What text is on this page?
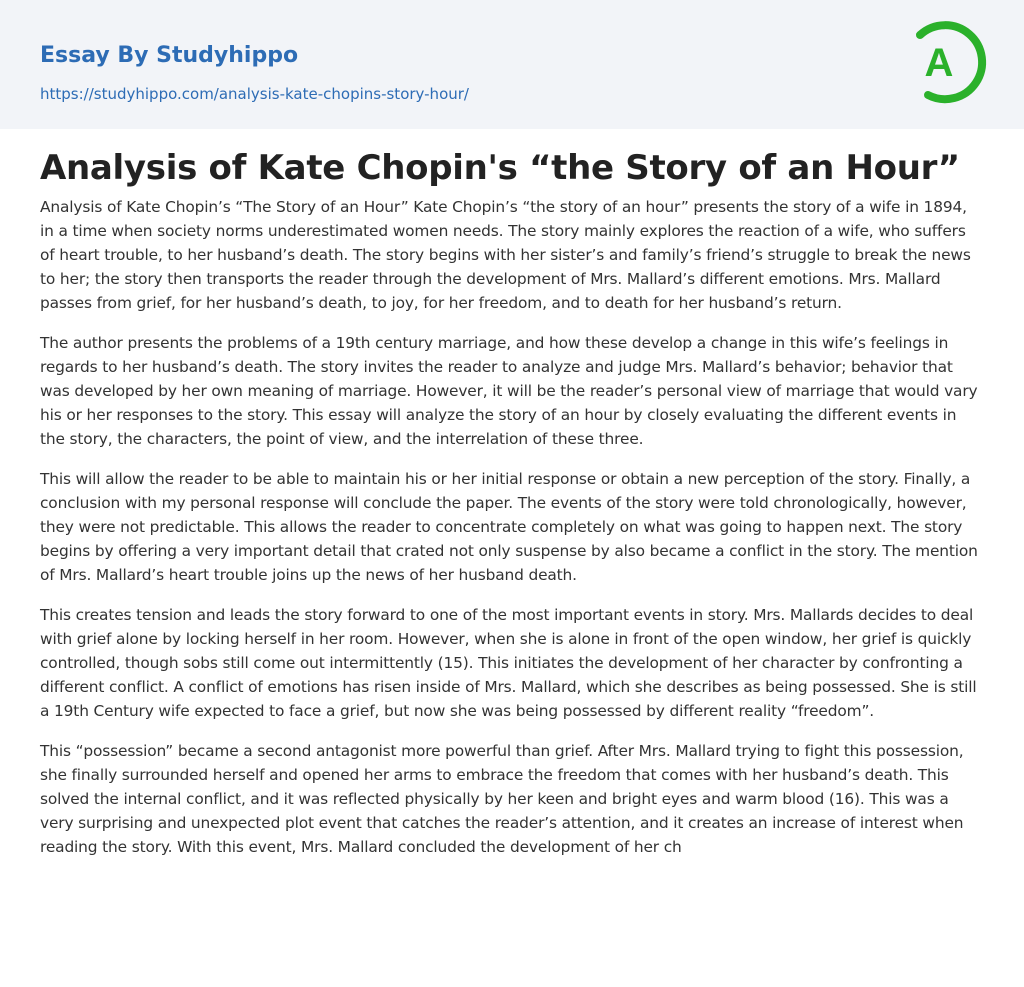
Essay By Studyhippo
https://studyhippo.com/analysis-kate-chopins-story-hour/
A
Analysis of Kate Chopin's “the Story of an Hour”

Analysis of Kate Chopin’s “The Story of an Hour” Kate Chopin’s “the story of an hour” presents the story of a wife in 1894, in a time when society norms underestimated women needs. The story mainly explores the reaction of a wife, who suffers of heart trouble, to her husband’s death. The story begins with her sister’s and family’s friend’s struggle to break the news to her; the story then transports the reader through the development of Mrs. Mallard’s different emotions. Mrs. Mallard passes from grief, for her husband’s death, to joy, for her freedom, and to death for her husband’s return.

The author presents the problems of a 19th century marriage, and how these develop a change in this wife’s feelings in regards to her husband’s death. The story invites the reader to analyze and judge Mrs. Mallard’s behavior; behavior that was developed by her own meaning of marriage. However, it will be the reader’s personal view of marriage that would vary his or her responses to the story. This essay will analyze the story of an hour by closely evaluating the different events in the story, the characters, the point of view, and the interrelation of these three.

This will allow the reader to be able to maintain his or her initial response or obtain a new perception of the story. Finally, a conclusion with my personal response will conclude the paper. The events of the story were told chronologically, however, they were not predictable. This allows the reader to concentrate completely on what was going to happen next. The story begins by offering a very important detail that crated not only suspense by also became a conflict in the story. The mention of Mrs. Mallard’s heart trouble joins up the news of her husband death.

This creates tension and leads the story forward to one of the most important events in story. Mrs. Mallards decides to deal with grief alone by locking herself in her room. However, when she is alone in front of the open window, her grief is quickly controlled, though sobs still come out intermittently (15). This initiates the development of her character by confronting a different conflict. A conflict of emotions has risen inside of Mrs. Mallard, which she describes as being possessed. She is still a 19th Century wife expected to face a grief, but now she was being possessed by different reality “freedom”.

This “possession” became a second antagonist more powerful than grief. After Mrs. Mallard trying to fight this possession, she finally surrounded herself and opened her arms to embrace the freedom that comes with her husband’s death. This solved the internal conflict, and it was reflected physically by her keen and bright eyes and warm blood (16). This was a very surprising and unexpected plot event that catches the reader’s attention, and it creates an increase of interest when reading the story. With this event, Mrs. Mallard concluded the development of her ch
